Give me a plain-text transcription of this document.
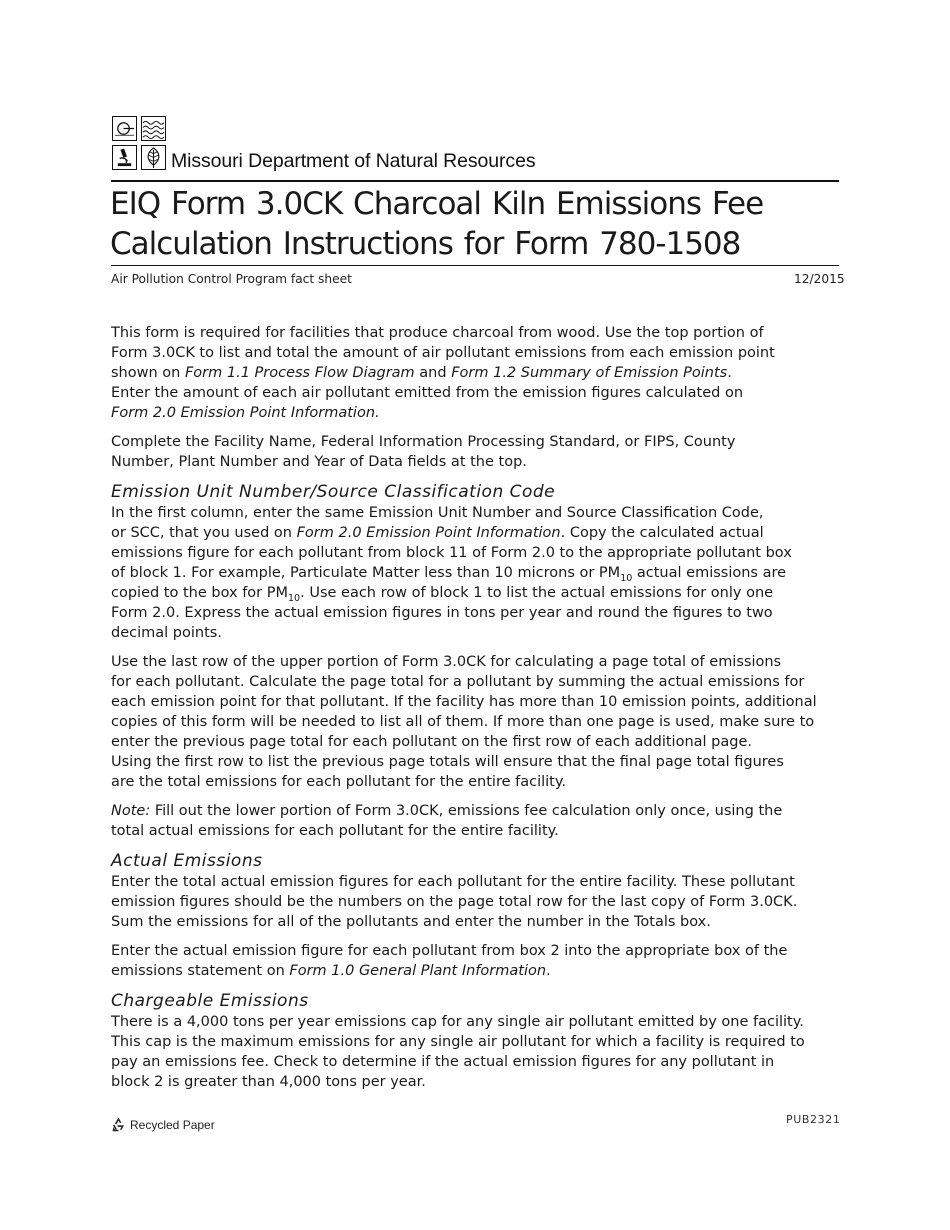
Missouri Department of Natural Resources
EIQ Form 3.0CK Charcoal Kiln Emissions Fee
Calculation Instructions for Form 780-1508
Air Pollution Control Program fact sheet	12/2015

This form is required for facilities that produce charcoal from wood. Use the top portion of
Form 3.0CK to list and total the amount of air pollutant emissions from each emission point
shown on Form 1.1 Process Flow Diagram and Form 1.2 Summary of Emission Points.
Enter the amount of each air pollutant emitted from the emission figures calculated on
Form 2.0 Emission Point Information.

Complete the Facility Name, Federal Information Processing Standard, or FIPS, County
Number, Plant Number and Year of Data fields at the top.

Emission Unit Number/Source Classification Code

In the first column, enter the same Emission Unit Number and Source Classification Code,
or SCC, that you used on Form 2.0 Emission Point Information. Copy the calculated actual
emissions figure for each pollutant from block 11 of Form 2.0 to the appropriate pollutant box
of block 1. For example, Particulate Matter less than 10 microns or $PM_{10}$ actual emissions are
copied to the box for $PM_{10}$. Use each row of block 1 to list the actual emissions for only one
Form 2.0. Express the actual emission figures in tons per year and round the figures to two
decimal points.

Use the last row of the upper portion of Form 3.0CK for calculating a page total of emissions
for each pollutant. Calculate the page total for a pollutant by summing the actual emissions for
each emission point for that pollutant. If the facility has more than 10 emission points, additional
copies of this form will be needed to list all of them. If more than one page is used, make sure to
enter the previous page total for each pollutant on the first row of each additional page.
Using the first row to list the previous page totals will ensure that the final page total figures
are the total emissions for each pollutant for the entire facility.

Note: Fill out the lower portion of Form 3.0CK, emissions fee calculation only once, using the
total actual emissions for each pollutant for the entire facility.

Actual Emissions

Enter the total actual emission figures for each pollutant for the entire facility. These pollutant
emission figures should be the numbers on the page total row for the last copy of Form 3.0CK.
Sum the emissions for all of the pollutants and enter the number in the Totals box.

Enter the actual emission figure for each pollutant from box 2 into the appropriate box of the
emissions statement on Form 1.0 General Plant Information.

Chargeable Emissions

There is a 4,000 tons per year emissions cap for any single air pollutant emitted by one facility.
This cap is the maximum emissions for any single air pollutant for which a facility is required to
pay an emissions fee. Check to determine if the actual emission figures for any pollutant in
block 2 is greater than 4,000 tons per year.

Recycled Paper	PUB2321
